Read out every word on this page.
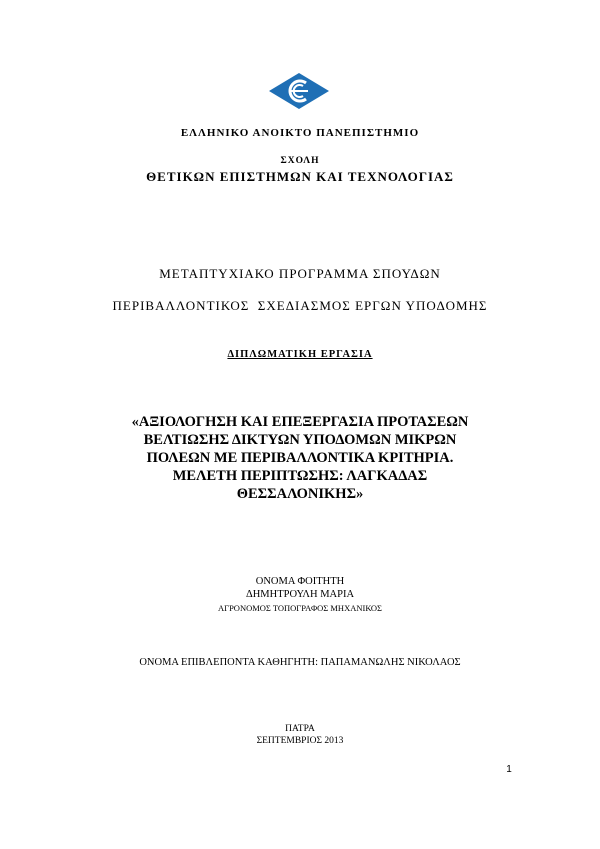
ΕΛΛΗΝΙΚΟ ΑΝΟΙΚΤΟ ΠΑΝΕΠΙΣΤΗΜΙΟ
ΣΧΟΛΗ
ΘΕΤΙΚΩΝ ΕΠΙΣΤΗΜΩΝ ΚΑΙ ΤΕΧΝΟΛΟΓΙΑΣ
ΜΕΤΑΠΤΥΧΙΑΚΟ ΠΡΟΓΡΑΜΜΑ ΣΠΟΥΔΩΝ
ΠΕΡΙΒΑΛΛΟΝΤΙΚΟΣ  ΣΧΕΔΙΑΣΜΟΣ ΕΡΓΩΝ ΥΠΟΔΟΜΗΣ
ΔΙΠΛΩΜΑΤΙΚΗ ΕΡΓΑΣΙΑ
«ΑΞΙΟΛΟΓΗΣΗ ΚΑΙ ΕΠΕΞΕΡΓΑΣΙΑ ΠΡΟΤΑΣΕΩΝ
ΒΕΛΤΙΩΣΗΣ ΔΙΚΤΥΩΝ ΥΠΟΔΟΜΩΝ ΜΙΚΡΩΝ
ΠΟΛΕΩΝ ΜΕ ΠΕΡΙΒΑΛΛΟΝΤΙΚΑ ΚΡΙΤΗΡΙΑ.
ΜΕΛΕΤΗ ΠΕΡΙΠΤΩΣΗΣ: ΛΑΓΚΑΔΑΣ
ΘΕΣΣΑΛΟΝΙΚΗΣ»
ΟΝΟΜΑ ΦΟΙΤΗΤΗ
ΔΗΜΗΤΡΟΥΛΗ ΜΑΡΙΑ
ΑΓΡΟΝΟΜΟΣ ΤΟΠΟΓΡΑΦΟΣ ΜΗΧΑΝΙΚΟΣ
ΟΝΟΜΑ ΕΠΙΒΛΕΠΟΝΤΑ ΚΑΘΗΓΗΤΗ: ΠΑΠΑΜΑΝΩΛΗΣ ΝΙΚΟΛΑΟΣ
ΠΑΤΡΑ
ΣΕΠΤΕΜΒΡΙΟΣ 2013
1
